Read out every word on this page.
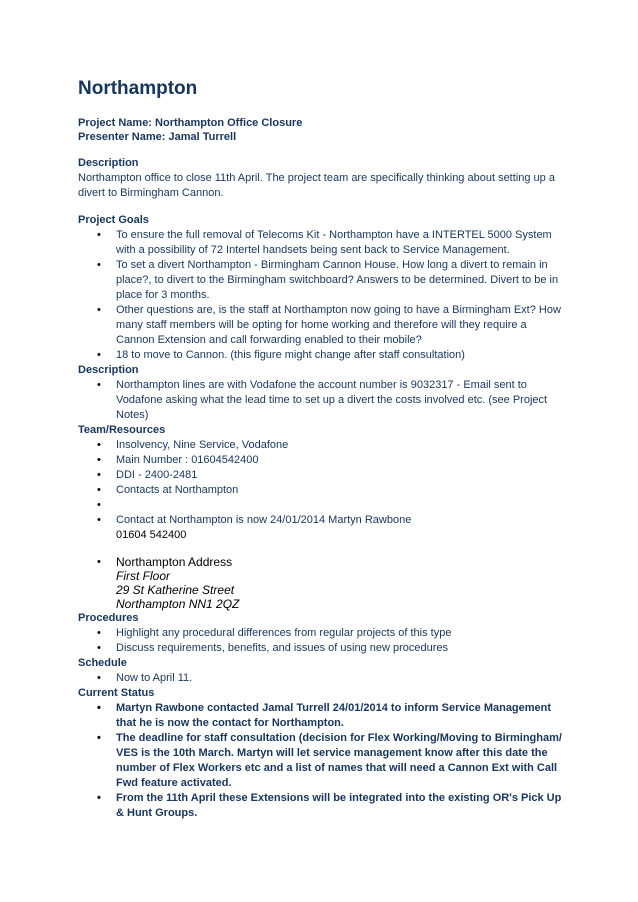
Northampton
Project Name: Northampton Office Closure
Presenter Name: Jamal Turrell
Description
Northampton office to close 11th April. The project team are specifically thinking about setting up a divert to Birmingham Cannon.
Project Goals
• To ensure the full removal of Telecoms Kit - Northampton have a INTERTEL 5000 System with a possibility of 72 Intertel handsets being sent back to Service Management.
• To set a divert Northampton - Birmingham Cannon House. How long a divert to remain in place?, to divert to the Birmingham switchboard? Answers to be determined. Divert to be in place for 3 months.
• Other questions are, is the staff at Northampton now going to have a Birmingham Ext? How many staff members will be opting for home working and therefore will they require a Cannon Extension and call forwarding enabled to their mobile?
• 18 to move to Cannon. (this figure might change after staff consultation)
Description
• Northampton lines are with Vodafone the account number is 9032317 - Email sent to Vodafone asking what the lead time to set up a divert the costs involved etc. (see Project Notes)
Team/Resources
• Insolvency, Nine Service, Vodafone
• Main Number : 01604542400
• DDI - 2400-2481
• Contacts at Northampton
•
• Contact at Northampton is now 24/01/2014 Martyn Rawbone
01604 542400
• Northampton Address
First Floor
29 St Katherine Street
Northampton NN1 2QZ
Procedures
• Highlight any procedural differences from regular projects of this type
• Discuss requirements, benefits, and issues of using new procedures
Schedule
• Now to April 11.
Current Status
• Martyn Rawbone contacted Jamal Turrell 24/01/2014 to inform Service Management that he is now the contact for Northampton.
• The deadline for staff consultation (decision for Flex Working/Moving to Birmingham/ VES is the 10th March. Martyn will let service management know after this date the number of Flex Workers etc and a list of names that will need a Cannon Ext with Call Fwd feature activated.
• From the 11th April these Extensions will be integrated into the existing OR's Pick Up & Hunt Groups.
